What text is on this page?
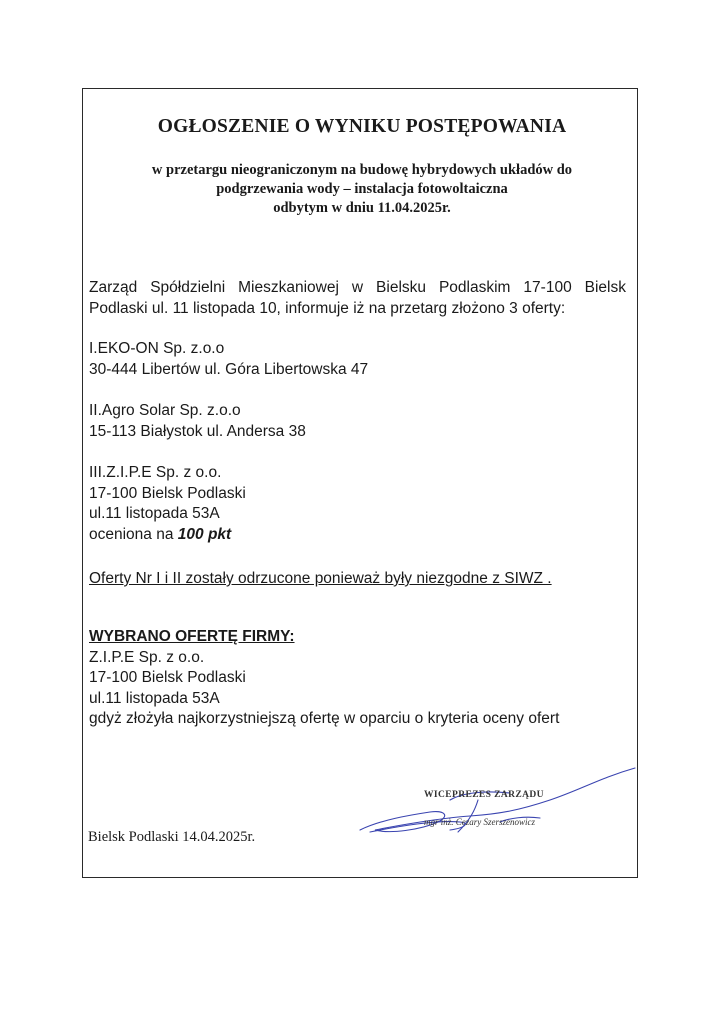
OGŁOSZENIE O WYNIKU POSTĘPOWANIA
w przetargu nieograniczonym na budowę hybrydowych układów do
podgrzewania wody – instalacja fotowoltaiczna
odbytym w dniu 11.04.2025r.
Zarząd Spółdzielni Mieszkaniowej w Bielsku Podlaskim 17-100 Bielsk
Podlaski ul. 11 listopada 10, informuje iż na przetarg złożono 3 oferty:
I.EKO-ON Sp. z.o.o
30-444 Libertów ul. Góra Libertowska 47
II.Agro Solar Sp. z.o.o
15-113 Białystok ul. Andersa 38
III.Z.I.P.E Sp. z o.o.
17-100 Bielsk Podlaski
ul.11 listopada 53A
oceniona na 100 pkt
Oferty Nr I i II zostały odrzucone ponieważ były niezgodne z SIWZ .
WYBRANO OFERTĘ FIRMY:
Z.I.P.E Sp. z o.o.
17-100 Bielsk Podlaski
ul.11 listopada 53A
gdyż złożyła najkorzystniejszą ofertę w oparciu o kryteria oceny ofert
WICEPREZES ZARZĄDU
mgr inż. Cezary Szerszenowicz
Bielsk Podlaski 14.04.2025r.
